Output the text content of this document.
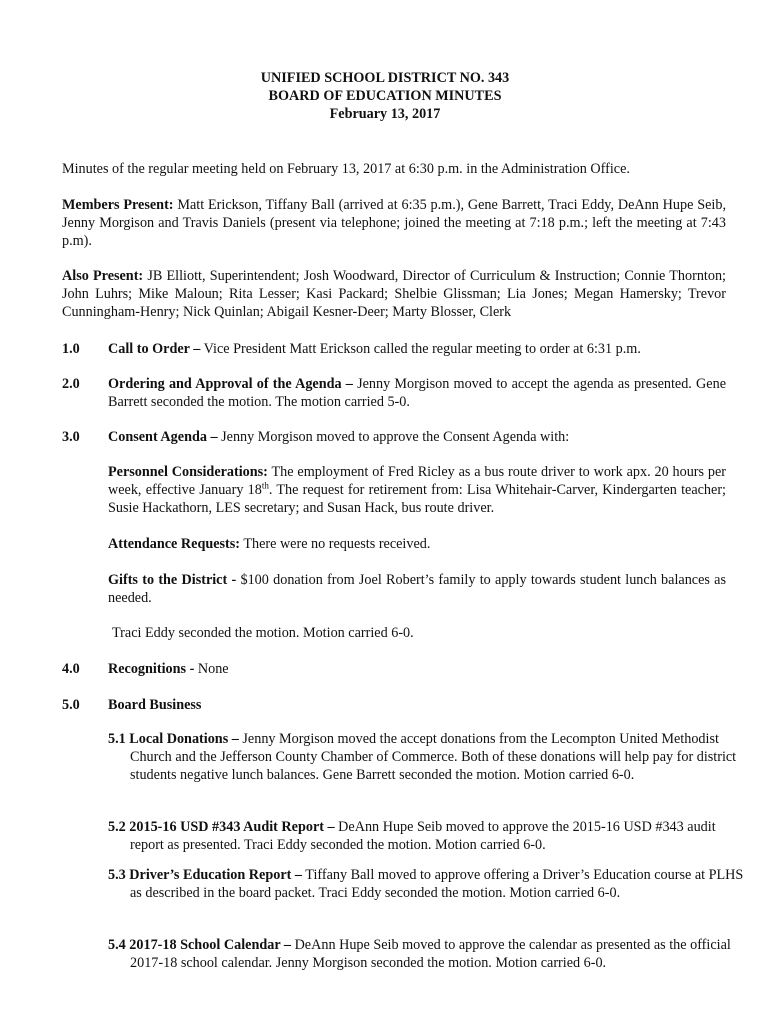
UNIFIED SCHOOL DISTRICT NO. 343
BOARD OF EDUCATION MINUTES
February 13, 2017
Minutes of the regular meeting held on February 13, 2017 at 6:30 p.m. in the Administration Office.
Members Present: Matt Erickson, Tiffany Ball (arrived at 6:35 p.m.), Gene Barrett, Traci Eddy, DeAnn Hupe Seib, Jenny Morgison and Travis Daniels (present via telephone; joined the meeting at 7:18 p.m.; left the meeting at 7:43 p.m).
Also Present: JB Elliott, Superintendent; Josh Woodward, Director of Curriculum & Instruction; Connie Thornton; John Luhrs; Mike Maloun; Rita Lesser; Kasi Packard; Shelbie Glissman; Lia Jones; Megan Hamersky; Trevor Cunningham-Henry; Nick Quinlan; Abigail Kesner-Deer; Marty Blosser, Clerk
1.0 Call to Order – Vice President Matt Erickson called the regular meeting to order at 6:31 p.m.
2.0 Ordering and Approval of the Agenda – Jenny Morgison moved to accept the agenda as presented. Gene Barrett seconded the motion. The motion carried 5-0.
3.0 Consent Agenda – Jenny Morgison moved to approve the Consent Agenda with:
Personnel Considerations: The employment of Fred Ricley as a bus route driver to work apx. 20 hours per week, effective January 18th. The request for retirement from: Lisa Whitehair-Carver, Kindergarten teacher; Susie Hackathorn, LES secretary; and Susan Hack, bus route driver.
Attendance Requests: There were no requests received.
Gifts to the District - $100 donation from Joel Robert’s family to apply towards student lunch balances as needed.
Traci Eddy seconded the motion. Motion carried 6-0.
4.0 Recognitions - None
5.0 Board Business
5.1 Local Donations – Jenny Morgison moved the accept donations from the Lecompton United Methodist Church and the Jefferson County Chamber of Commerce. Both of these donations will help pay for district students negative lunch balances. Gene Barrett seconded the motion. Motion carried 6-0.
5.2 2015-16 USD #343 Audit Report – DeAnn Hupe Seib moved to approve the 2015-16 USD #343 audit report as presented. Traci Eddy seconded the motion. Motion carried 6-0.
5.3 Driver’s Education Report – Tiffany Ball moved to approve offering a Driver’s Education course at PLHS as described in the board packet. Traci Eddy seconded the motion. Motion carried 6-0.
5.4 2017-18 School Calendar – DeAnn Hupe Seib moved to approve the calendar as presented as the official 2017-18 school calendar. Jenny Morgison seconded the motion. Motion carried 6-0.
